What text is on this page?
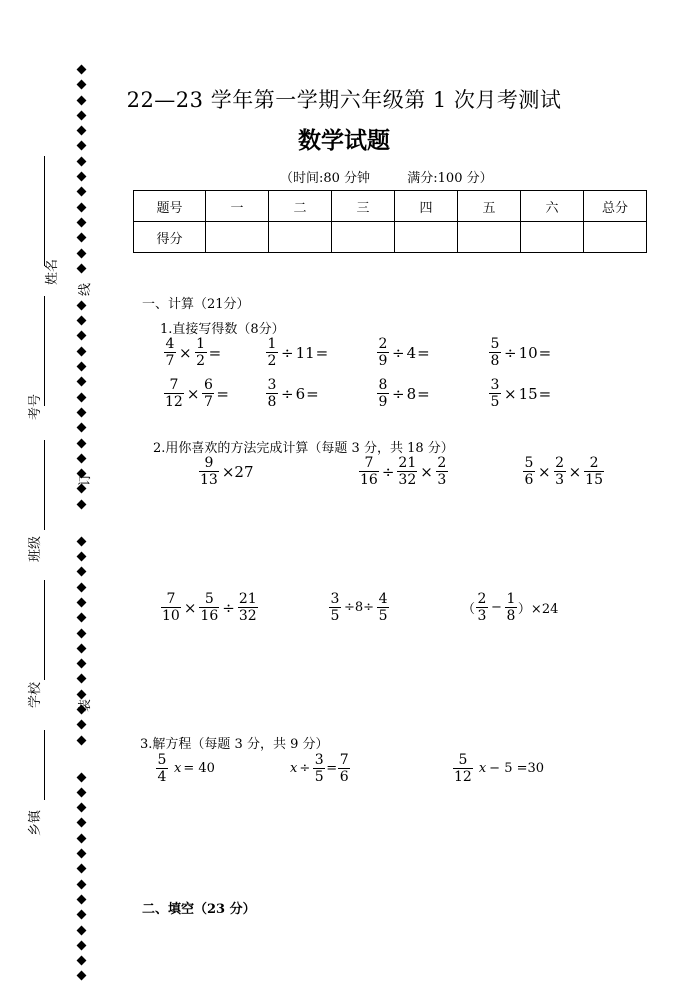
姓名
考号
班级
学校
乡镇
线
订
装
22—23 学年第一学期六年级第 1 次月考测试
数学试题
（时间:80 分钟	满分:100 分）
题号	一	二	三	四	五	六	总分
得分							
一、计算（21分）
1.直接写得数（8分）
$\frac{4}{7} \times \frac{1}{2}$ =	$\frac{1}{2} \div 11$ =	$\frac{2}{9} \div 4$ =	$\frac{5}{8} \div 10$ =
$\frac{7}{12} \times \frac{6}{7}$ =	$\frac{3}{8} \div 6$ =	$\frac{8}{9} \div 8$ =	$\frac{3}{5} \times 15$ =
2.用你喜欢的方法完成计算（每题 3 分，共 18 分）
$\frac{9}{13} \times 27$	$\frac{7}{16} \div \frac{21}{32} \times \frac{2}{3}$	$\frac{5}{6} \times \frac{2}{3} \times \frac{2}{15}$
$\frac{7}{10} \times \frac{5}{16} \div \frac{21}{32}$	$\frac{3}{5} \div 8\div \frac{4}{5}$	（ $\frac{2}{3} - \frac{1}{8} )\times 24$
3.解方程（每题 3 分，共 9 分）
$\frac{5}{4}$ x = 40	$x \div \frac{3}{5} = \frac{7}{6}$	$\frac{5}{12}$ x − 5 =30
二、填空（23 分）
